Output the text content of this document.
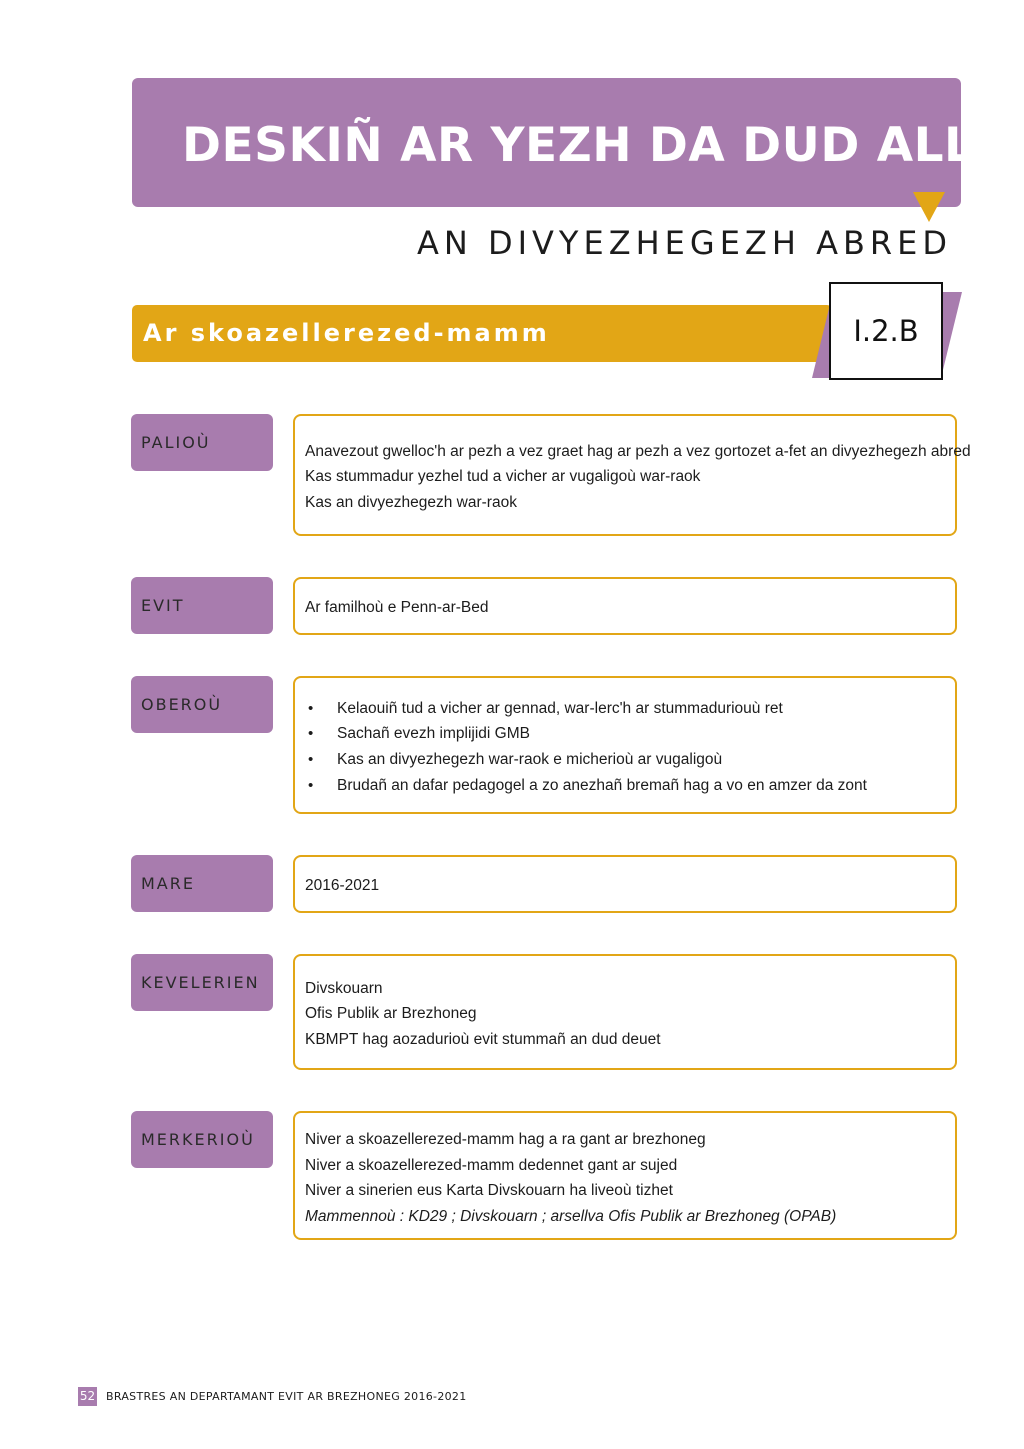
DESKIÑ AR YEZH DA DUD ALL
AN DIVYEZHEGEZH ABRED
Ar skoazellerezed-mamm	I.2.B
PALIOÙ	Anavezout gwelloc'h ar pezh a vez graet hag ar pezh a vez gortozet a-fet an divyezhegezh abred
Kas stummadur yezhel tud a vicher ar vugaligoù war-raok
Kas an divyezhegezh war-raok
EVIT	Ar familhoù e Penn-ar-Bed
OBEROÙ	• Kelaouiñ tud a vicher ar gennad, war-lerc'h ar stummaduriouù ret
• Sachañ evezh implijidi GMB
• Kas an divyezhegezh war-raok e micherioù ar vugaligoù
• Brudañ an dafar pedagogel a zo anezhañ bremañ hag a vo en amzer da zont
MARE	2016-2021
KEVELERIEN	Divskouarn
Ofis Publik ar Brezhoneg
KBMPT hag aozadurioù evit stummañ an dud deuet
MERKERIOÙ	Niver a skoazellerezed-mamm hag a ra gant ar brezhoneg
Niver a skoazellerezed-mamm dedennet gant ar sujed
Niver a sinerien eus Karta Divskouarn ha liveoù tizhet
Mammennoù : KD29 ; Divskouarn ; arsellva Ofis Publik ar Brezhoneg (OPAB)
52 BRASTRES AN DEPARTAMANT EVIT AR BREZHONEG 2016-2021
